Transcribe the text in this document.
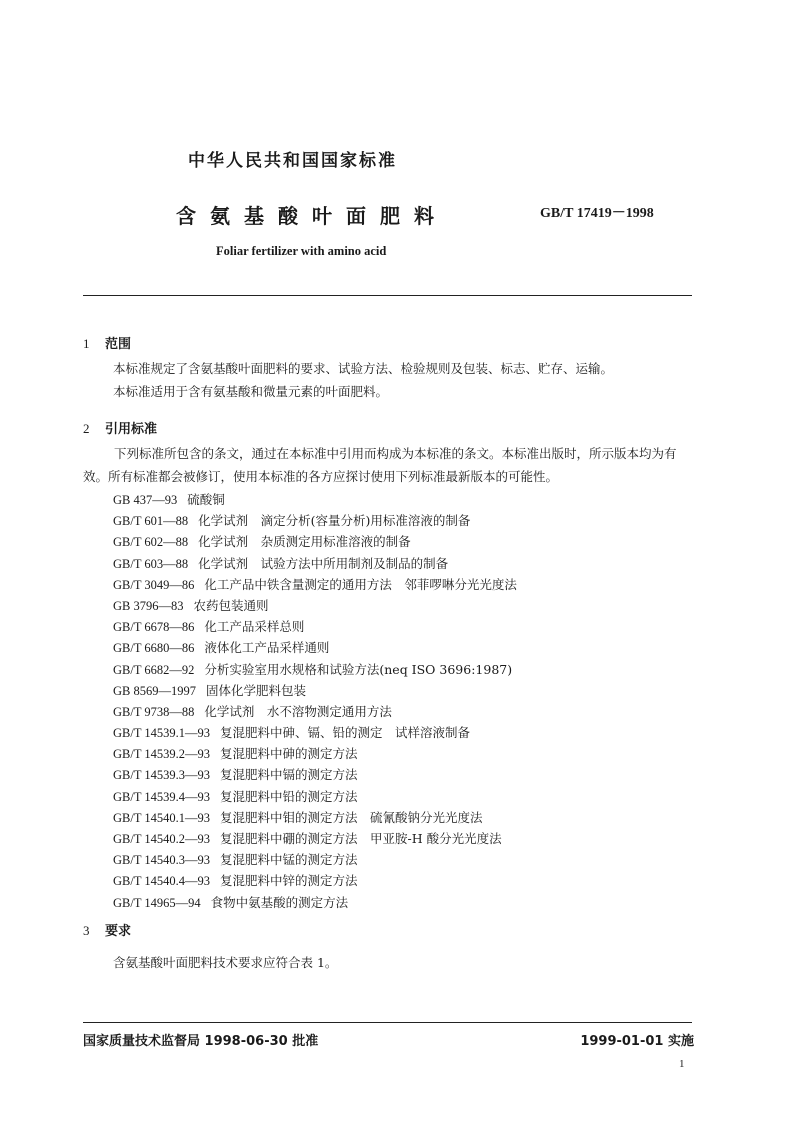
中华人民共和国国家标准
含氨基酸叶面肥料	GB/T 17419－1998
Foliar fertilizer with amino acid
1 范围
本标准规定了含氨基酸叶面肥料的要求、试验方法、检验规则及包装、标志、贮存、运输。
本标准适用于含有氨基酸和微量元素的叶面肥料。
2 引用标准
下列标准所包含的条文，通过在本标准中引用而构成为本标准的条文。本标准出版时，所示版本均为有效。所有标准都会被修订，使用本标准的各方应探讨使用下列标准最新版本的可能性。
GB 437—93 硫酸铜
GB/T 601—88 化学试剂　滴定分析(容量分析)用标准溶液的制备
GB/T 602—88 化学试剂　杂质测定用标准溶液的制备
GB/T 603—88 化学试剂　试验方法中所用制剂及制品的制备
GB/T 3049—86 化工产品中铁含量测定的通用方法　邻菲啰啉分光光度法
GB 3796—83 农药包装通则
GB/T 6678—86 化工产品采样总则
GB/T 6680—86 液体化工产品采样通则
GB/T 6682—92 分析实验室用水规格和试验方法(neq ISO 3696:1987)
GB 8569—1997 固体化学肥料包装
GB/T 9738—88 化学试剂　水不溶物测定通用方法
GB/T 14539.1—93 复混肥料中砷、镉、铅的测定　试样溶液制备
GB/T 14539.2—93 复混肥料中砷的测定方法
GB/T 14539.3—93 复混肥料中镉的测定方法
GB/T 14539.4—93 复混肥料中铅的测定方法
GB/T 14540.1—93 复混肥料中钼的测定方法　硫氰酸钠分光光度法
GB/T 14540.2—93 复混肥料中硼的测定方法　甲亚胺-H 酸分光光度法
GB/T 14540.3—93 复混肥料中锰的测定方法
GB/T 14540.4—93 复混肥料中锌的测定方法
GB/T 14965—94 食物中氨基酸的测定方法
3 要求
含氨基酸叶面肥料技术要求应符合表 1。
国家质量技术监督局 1998-06-30 批准	1999-01-01 实施
1
